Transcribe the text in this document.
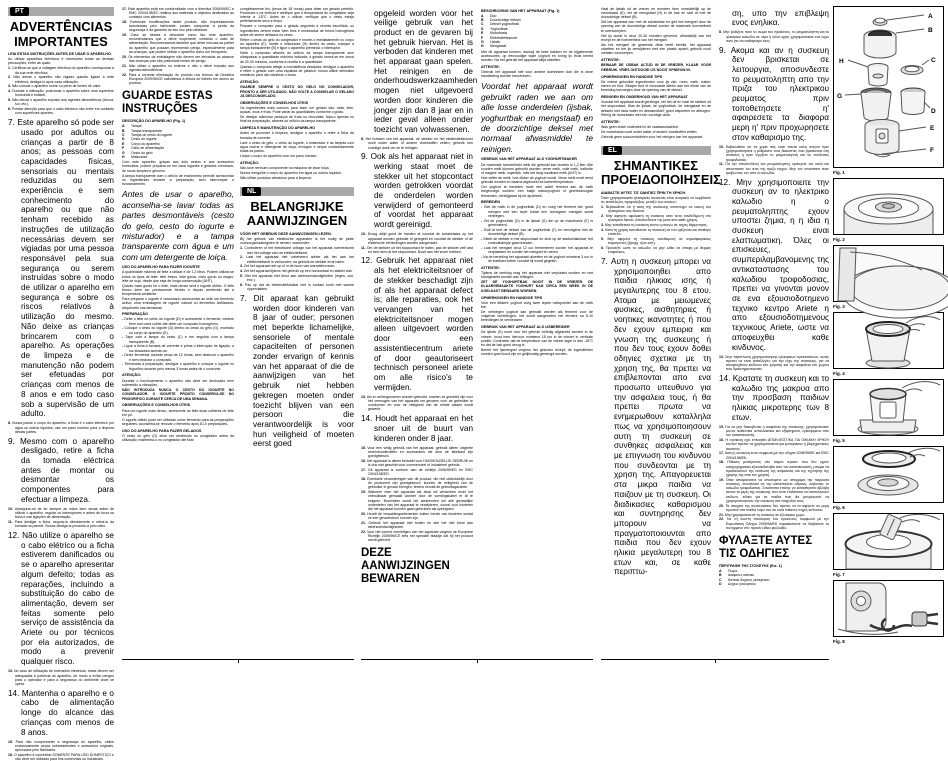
PT
ADVERTÊNCIAS IMPORTANTES
LEIA ESTAS INSTRUÇÕES ANTES DE USAR O APARELHO.
Ao utilizar aparelhos eléctricos é necessário tomar as devidas precauções, entre as quais:
1. Certificar-se que a voltagem eléctrica do aparelho corresponda à da sua rede eléctrica.
2. Não deixar o aparelho não vigiado quando ligado à rede eléctrica; desligá-lo após cada utilização.
3. Não colocar o aparelho sobre ou perto de fontes de calor.
4. Durante a utilização, posicionar o aparelho sobre uma superfície horizontal e estável.
5. Não deixar o aparelho exposto aos agentes atmosféricos (chuva, sol, etc.).
6. Prestar atenção para que o cabo eléctrico não entre em contacto com superfícies quentes.
7. Este aparelho só pode ser usado por adultos ou crianças a partir de 8 anos; as pessoas com capacidades físicas, sensoriais ou mentais reduzidas ou sem experiência e sem conhecimento do aparelho ou que não tenham recebido as instruções de utilização necessárias devem ser vigiadas por uma pessoa responsável pela sua segurança ou serem instruídas sobre o modo de utilizar o aparelho em segurança e sobre os riscos relativos à utilização do mesmo. Não deixe as crianças brincarem com o aparelho. As operações de limpeza e de manutenção não podem ser efetuadas por crianças com menos de 8 anos e em todo caso sob a supervisão de um adulto.
8. Nunca passe o corpo do aparelho, a ficha e o cabo eléctrico por água ou outros líquidos; use um pano húmido para a limpeza destas partes.
9. Mesmo com o aparelho desligado, retire a ficha da tomada eléctrica antes de montar ou desmontar os componentes para efectuar a limpeza.
10. Assegurar-se de ter sempre as mãos bem secas antes de utilizar o aparelho, regular os interruptores e antes de tocar na ficha e nas ligações de alimentação.
11. Para desligar a ficha, segurá-la directamente e retirá-la da tomada na parede. Nunca desligá-la puxando-a pelo cabo.
12. Não utilize o aparelho se o cabo elétrico ou a ficha estiverem danificados ou se o aparelho apresentar algum defeito; todas as reparações, incluindo a substituição do cabo de alimentação, devem ser feitas somente pelo serviço de assistência da Ariete ou por técnicos por ela autorizados, de modo a prevenir qualquer risco.
13. No caso de utilização de extensões eléctricas, estas devem ser adequadas à potência do aparelho, de modo a evitar perigos para o operador e para a segurança do ambiente onde se opera.
14. Mantenha o aparelho e o cabo de alimentação longe do alcance das crianças com menos de 8 anos.
15. Para não comprometer a segurança do aparelho, utilize exclusivamente peças sobresselentes e acessórios originais, aprovados pelo fabricante.
16. O aparelho é concebido SOMENTE PARA USO DOMÉSTICO e não deve ser utilizado para fins comerciais ou industriais.
17. Este aparelho está em conformidade com a directiva 2006/95/EC e EMC 2004/108/EC relativa aos materiais e objectos destinados ao contacto com alimentos.
18. Eventuais modificações deste produto, não expressamente autorizadas pelo fabricante, podem comportar a perda da segurança e da garantia do seu uso pelo utilizador.
19. Caso se decida a descartar como lixo este aparelho, recomendamos que o deixe inoperante, cortando o cabo de alimentação. Recomendamos também que deixe inócuas as partes do aparelho que possam representar perigo, especialmente para as crianças, que podem utilizar o aparelho como um brinquedo.
20. Os elementos da embalagem não devem ser deixados ao alcance das crianças pois são potenciais fontes de perigo.
21. Não utilize o aparelho no exterior e não o deixe exposto aos agentes atmosféricos.
22. Para a correcta eliminação do produto nos termos da Directiva Europeia 2009/96/CE solicitamos a leitura do folheto em anexo ao produto.
GUARDE ESTAS INSTRUÇÕES
DESCRIÇÃO DO APARELHO (Fig. 1)
A	Tampa
B	Tampa transparente
C	Tampa do cesto do iogurte
D	Cesto do iogurte
E	Corpo do aparelho
F	Cabo de alimentação
G	Cesto do gelo
H	Misturador
Com este aparelho, graças aos dois cestos e aos acessórios fornecidos, podem preparar-se em casa iogurtes e gelados cremosos, de modo simples e genuíno.
A tampa transparente com o orifício de enchimento permite acrescentar os ingredientes durante a preparação, sem interromper o funcionamento.
Antes de usar o aparelho, aconselha-se lavar todas as partes desmontáveis (cesto do gelo, cesto do iogurte e misturador) e a tampa transparente com água e um com um detergente de loiça.
USO DO APARELHO PARA FAZER IOGURTE
A quantidade máxima de leite a utilizar é de 1,2 litros. Podem utilizar-se todos os tipos de leite: leite fresco, leite gordo, meio gordo ou magro, leite de soja, desde que seja de longa conservação (UHT).
Quanto mais gordo for o leite, mais denso será o iogurte obtido. O leite fresco deve ser previamente fervido e depois arrefecido até à temperatura ambiente.
Para preparar o iogurte é necessário acrescentar ao leite um fermento activo: uma embalagem de iogurte natural ou fermentos liofilizados, adquiríveis nas farmácias.
PREPARAÇÃO
- Deite o leite no cesto do iogurte (D) e acrescente o fermento; misture bem com uma colher até obter um composto homogéneo.
- Coloque o cesto do iogurte (D) dentro do cesto do gelo (G), montado no corpo do aparelho (E).
- Tape com a tampa do cesto (C) e em seguida com a tampa transparente (B).
- Ligue a ficha à tomada de corrente e prima o interruptor de ligação; a luz avisadora acende-se.
- Deixe fermentar durante cerca de 12 horas, sem deslocar o aparelho e sem misturar o composto.
- Terminada a preparação, desligue o aparelho e coloque o iogurte no frigorífico durante pelo menos 3 horas antes de o consumir.
ATENÇÃO:
Durante o funcionamento o aparelho não deve ser deslocado nem submetido a vibrações.
NÃO INTRODUZA NUNCA O CESTO DO IOGURTE NO CONGELADOR. O IOGURTE PRONTO CONSERVA-SE NO FRIGORÍFICO DURANTE CERCA DE UMA SEMANA.
OBSERVAÇÕES E CONSELHOS ÚTEIS
Para um iogurte mais denso, acrescente ao leite duas colheres de leite em pó.
O iogurte obtido pode ser utilizado como fermento para as preparações seguintes; aconselha-se renovar o fermento após 8-10 preparações.
USO DO APARELHO PARA FAZER GELADOS
O cesto do gelo (G) deve ser arrefecido no congelador antes da utilização; mantenha-o no congelador até ficar
completamente frio (cerca de 18 horas) para obter um gelado perfeito. Posicione-o na vertical e verifique que a temperatura do congelador seja inferior a -18°C. Antes de o utilizar, verifique que o cesto esteja perfeitamente seco e limpo.
Prepare o composto para o gelado seguindo a receita escolhida; os ingredientes devem estar bem frios e misturados de forma homogénea antes de serem deitados no cesto.
Retire o cesto do gelo do congelador e monte-o imediatamente no corpo do aparelho (E); monte o misturador (H) dentro do cesto, coloque a tampa transparente (B) e ligue o aparelho premindo o interruptor.
Deite o composto através do orifício da tampa transparente sem ultrapassar a quantidade máxima indicada; o gelado forma-se em cerca de 20-30 minutos, conforme a receita e a quantidade.
Quando o composto atingir a consistência desejada, desligue o aparelho e retire o gelado com uma espátula de plástico; nunca utilize utensílios metálicos para não danificar o cesto.
ATENÇÃO:
GUARDE SEMPRE O CESTO DO GELO NO CONGELADOR, PRONTO A SER UTILIZADO. NÃO VOLTE A CONGELAR O GELADO JÁ DESCONGELADO.
OBSERVAÇÕES E CONSELHOS ÚTEIS
Os ingredientes mais comuns para fazer um gelado são: nata, leite, açúcar, ovos e fruta. Pode variar as quantidades conforme o gosto.
Se desejar adicionar pedaços de fruta ou chocolate, faça-o apenas no final da preparação, através do orifício da tampa transparente.
LIMPEZA E MANUTENÇÃO DO APARELHO
Antes de proceder à limpeza, desligue o aparelho e retire a ficha da tomada de corrente.
Lave o cesto do gelo, o cesto do iogurte, o misturador e as tampas com água morna e detergente de loiça; enxagúe e seque cuidadosamente todas as partes.
Limpe o corpo do aparelho com um pano húmido.
ATENÇÃO:
Não lave nenhum componente na máquina de lavar loiça.
Nunca mergulhe o corpo do aparelho em água ou outros líquidos.
Não utilize produtos abrasivos para a limpeza.
NL
BELANGRIJKE AANWIJZINGEN
VÓÓR HET GEBRUIK DEZE AANWIJZINGEN LEZEN.
Bij het gebruik van elektrische apparaten is het nodig de juiste voorzorgsmaatregelen te nemen, waaronder:
1. Controleren of het elektrische voltage van het apparaat overeenkomt aan het voltage van uw elektriciteitsnet.
2. Laat het apparaat niet onbeheerd achter als het aan het elektriciteitsnet is verbonden; na gebruik de stekker eruit halen.
3. Zet het apparaat niet op of in de buurt van warmtebronnen.
4. Zet het apparaat tijdens het gebruik op een horizontaal en stabiel vlak.
5. Stel het apparaat niet bloot aan weersomstandigheden (regen, zon, enz.).
6. Pas op dat de elektriciteitskabel niet in contact komt met warme oppervlaktes.
7. Dit aparaat kan gebruikt worden door kinderen van 8 jaar of ouder; personen met beperkte lichamelijke, sensoriele of mentale capaciteiten of personen zonder ervarign of kennis van het apparaat of die de aanwijzigen van het gebruik niet hebben gekregen moeten onder toezicht blijven van een persoon die verantwoordelijk is voor hun veiligheid of moeten eerst goed
opgeleid worden voor het veilige gebruik van het product en de gevaren bij het gebruik hiervan. Het is verboden dat kinderen met het apparaat gaan spelen. Het reinigen en de onderhoudswerkzaamheden mogen niet uitgevoerd worden door kinderen die jonger zijn dan 8 jaar en in ieder geval alleen onder toezicht van volwassenen.
8. Het lichaam van het apparaat, de stekker en het elektriciteitssnoer nooit onder water of andere vloeistoffen zetten; gebruik een vochtige doek om ze te reinigen.
9. Ook als het apparaat niet in werking staat moet de stekker uit het stopcontact worden getrokken voordat de onderdelen worden verwijderd of gemonteerd of voordat het apparaat wordt gereinigd.
10. Droog altijd goed de handen af voordat de schakelaars op het apparaat worden gebruikt of geregeld en voordat de stekker of de elektrische verbindingen worden aangeraakt.
11. Om de stekker uit het stopcontact te halen, pak de stekker zelf vast en trek hem uit het stopcontact. Nooit aan het snoer trekken.
12. Gebruik het apparaat niet als het elektriciteitsnoer of de stekker beschadigt zijn of als het apparaat defect is; alle reparaties, ook het vervangen van het elektriciteitsnoer mogen alleen uitgevoert worden door een assistentiecentrum ariete of door geautoriseert technisch personeel ariete om alle risico's te vermijden.
13. Als er verlengsnoeren worden gebruikt, moeten ze geschikt zijn voor het vermogen van het apparaat om gevaren voor de gebruiker te voorkomen en voor de veiligheid van de ruimte waarin wordt gewerkt.
14. Houdt het apparaat en het snoer uit de buurt van kinderen onder 8 jaar.
15. Voor een veilig gebruik van het apparaat, gebruik alleen originele reserveonderdelen en accessoires die door de fabrikant zijn goedgekeurd.
16. Het apparaat is alleen bedoeld voor HUISHOUDELIJK GEBRUIK en is dus niet geschikt voor commercieel of industrieel gebruik.
17. Dit apparaat is conform aan de richtlijn 2006/95/EG en EMC 2004/108/EG.
18. Eventuele veranderingen van dit product, die niet uitdrukkelijk door de producent zijn goedgekeurd, kunnen de veiligheid van de gebruiker in gevaar brengen, tevens vervalt de gebruiksgarantie.
19. Wanneer men het apparaat als afval wil verwerken moet het onbruikbaar gemaakt worden door de voedingskabel er af te knippen. Bovendien wordt het aanbevolen om alle gevaarlijke onderdelen van het apparaat te verwijderen, vooral voor kinderen die het apparaat kunnen gaan gebruiken als speelgoed.
20. Houdt de verpakkingselementen buiten bereik van kinderen omdat ze een gevarenbron kunnen zijn.
21. Gebruik het apparaat niet buiten en stel het niet bloot aan weersomstandigheden.
22. Voor het correct vernietigen van het apparaat volgens de Europese Richtlijn 2009/96/CE lees het speciale blaadje dat bij het product wordt gelevert.
DEZE AANWIJZINGEN BEWAREN
BESCHRIJVING VAN HET APPARAAT (Fig. 1)
A	Dop
B	Doorzichtige deksel
C	Deksel yoghurtbak
D	Yoghurtbak
E	Motorbasis
F	Elektriciteitssnoer
G	IJsbak
H	Mengstaaf
Met dit apparaat kunnen, dankzij de twee bakken en de bijgeleverde accessoires, op eenvoudige wijze yoghurt en romig ijs thuis bereid worden. Na het gebruik het apparaat altijd uitzetten.
ATTENTIE:
Gebruik het apparaat niet voor andere doeleinden dan die in deze handleiding worden beschreven.
Voordat het apparaat wordt gebruikt raden we aan om alle losse onderdelen (ijsbak, yoghurtbak en mengstaaf) en de doorzichtige deksel met normaal afwasmiddel te reinigen.
GEBRUIK VAN HET APPARAAT ALS YOGHURTMAKER
De maximale hoeveelheid melk die gebruikt kan worden is 1,2 liter. Alle soorten melk kunnen gebruikt worden: verse melk, volle melk, halfvolle of magere melk, sojamelk, mits het lang houdbare melk (UHT) is.
Hoe vetter de melk, hoe dikker de yoghurt wordt. Verse melk moet eerst gekookt worden en daarna afgekoeld tot kamertemperatuur.
Om yoghurt te bereiden moet een actief ferment aan de melk toegevoegd worden: een bakje natuuryoghurt of gevriesdroogde fermenten, verkrijgbaar bij de apotheek.
BEREIDEN
- Giet de melk in de yoghurtbak (D) en voeg het ferment toe; goed mengen met een lepel totdat een homogeen mengsel wordt verkregen.
- Zet de yoghurtbak (D) in de ijsbak (G) die op de motorbasis (E) is gemonteerd.
- Sluit af met de deksel van de yoghurtbak (C) en vervolgens met de doorzichtige deksel (B).
- Steek de stekker in het stopcontact en druk op de startschakelaar; het controlelampje gaat branden.
- Laat het mengsel circa 12 uur fermenteren zonder het apparaat te verplaatsen en zonder het mengsel te roeren.
- Na de bereiding het apparaat uitzetten en de yoghurt minstens 3 uur in de koelkast zetten voordat hij wordt gegeten.
ATTENTIE:
Tijdens de werking mag het apparaat niet verplaatst worden en niet blootgesteld worden aan trillingen.
ZET DE YOGHURTBAK NOOIT IN DE VRIEZER. DE KLAARGEMAAKTE YOGHURT KAN CIRCA EEN WEEK IN DE KOELKAST BEWAARD WORDEN.
OPMERKINGEN EN HANDIGE TIPS
Voor een dikkere yoghurt voeg twee lepels melkpoeder aan de melk toe.
De verkregen yoghurt kan gebruikt worden als ferment voor de volgende bereidingen; het wordt aangeraden het ferment na 8-10 bereidingen te vernieuwen.
GEBRUIK VAN HET APPARAAT ALS IJSBEREIDER
De ijsbak (G) moet voor het gebruik volledig afgekoeld worden in de vriezer; houd hem hiervoor minstens 18 uur in de vriezer in verticale positie. Controleer dat de temperatuur van de vriezer lager is dan -18°C en dat de bak goed droog is.
Bereid het ijsmengsel volgens het gekozen recept; de ingrediënten moeten goed koud zijn en gelijkmatig gemengd worden.
Haal de ijsbak uit de vriezer en monteer hem onmiddellijk op de motorbasis (E); zet de mengstaaf (H) in de bak en sluit af met de doorzichtige deksel (B).
Zet het apparaat aan met de schakelaar en giet het mengsel door de opening van de doorzichtige deksel zonder de maximale hoeveelheid te overschrijden.
Het ijs wordt in circa 20-30 minuten gevormd, afhankelijk van het recept en de hoeveelheid van het mengsel.
Als het mengsel de gewenste dikte heeft bereikt, het apparaat uitzetten en het ijs verwijderen met een plastic spatel; gebruik nooit metalen voorwerpen.
ATTENTIE:
BEWAAR DE IJSBAK ALTIJD IN DE VRIEZER, KLAAR VOOR GEBRUIK. VRIES ONTDOOID IJS NOOIT OPNIEUW IN.
OPMERKINGEN EN HANDIGE TIPS
De meest gebruikte ingredienten voor ijs zijn: room, melk, suiker, eieren en fruit. Stukjes fruit of chocolade alleen aan het einde van de bereiding toevoegen door de opening van de deksel.
REINIGEN EN ONDERHOUD VAN HET APPARAAT
Voordat het apparaat wordt gereinigd, zet het uit en haal de stekker uit het stopcontact. Was de ijsbak, de yoghurtbak, de mengstaaf en de deksels met lauw water en afwasmiddel; goed afspoelen en afdrogen. Reinig de motorbasis met een vochtige doek.
ATTENTIE:
Was geen enkel onderdeel in de vaatwasmachine.
De motorbasis nooit onder water of andere vloeistoffen zetten.
Gebruik geen schuurmiddelen voor het reinigen van het apparaat.
EL
ΣΗΜΑΝΤΙΚΕΣ ΠΡΟΕΙΔΟΠΟΙΗΣΕΙΣ
ΔΙΑΒΑΣΤΕ ΑΥΤΕΣ ΤΙΣ ΟΔΗΓΙΕΣ ΠΡΙΝ ΤΗ ΧΡΗΣΗ.
Όταν χρησιμοποιείτε ηλεκτρικές συσκευές είναι αναγκαίο να λαμβάνετε τις κατάλληλες προφυλάξεις, μεταξύ των οποίων:
1. Βεβαιωθειτε οτι η ταση της συσκευης αντιστοιχει σε εκεινη του ηλεκτρικου σας δικτυου.
2. Μην αφηνετε αφυλακτη τη συσκευη οταν ειναι συνδεδεμενη στο ηλεκτρικο δικτυο. Αποσυνδεστε την μετα απο καθε χρηση.
3. Μην τοποθετειτε τη συσκευη κοντα η επανω σε πηγες θερμοτητας.
4. Κατα τη χρηση τοποθετειτε τη συσκευη σε ενα οριζοντιο και σταθερο επιπεδο.
5. Μην αφηνετε τη συσκευη εκτεθειμενη σε ατμοσφαιρικους παραγοντες (βροχη, ηλιο κλπ).
6. Προσεξτε ωστε το καλωδιο να μην ελθει σε επαφη με θερμες επιφανειες.
7. Αυτη η συσκευη μπορει να χρησιμοποιηθει απο παιδια ηλικιας ισης ή μεγαλυτερης του 8 ετου. Ατομα με μειωμενες φυσικες, αισθητηριες ή νοητικες ικανοτητες ή που δεν εχουν εμπειρια και γνωση της συσκευης ή που δεν τους εχουν δοθει οδηγιες σχετικα με τη χρηση της, θα πρεπει να επιβλεπονται απο ενα προσωπο υπευθυνο για την ασφαλεια τους, ή θα πρεπει πρωτα να ενημερωθουν καταλληλα πως να χρησιμοποιησουν αυτη τη συσκευη σε συνθηκες ασφαλειας και με επιγνωση του κινδυνου που συνδεονται με τη χρηση της. Απαγορευεται στα μικρα παιδια να παιζουν με τη συσκευη. Οι διαδικασιες καθαρισμου και συντηρησης δεν μπορουν να πραγματοποιουνται απο παιδια που δεν εχουν ηλικια μεγαλυτερη του 8 ετων και, σε καθε περιπτω-
ση, υπο την επιβλεψη ενος ενηλικα.
8. Μην βυθιζετε ποτε το σωμα του προϊοντος, το ρευματοληπτη και το ηλεκτρικο καλωδιο σε νερο η αλλα υγρα, χρησιμοποιειτε ενα υγρο πανι για τον καθαρισμο τους.
9. Ακομα και αν η συσκευη δεν βρισκεται σε λειτουργια, αποσυνδεστε το ρευματοληπτη απο την πριζα του ηλεκτρικου ρευματος πριν τοποθετησετε η' αφαιρεσετε τα διαφορα μερη η' πριν προχωρησετε στον καθαρισμο της.
10. Βεβαιωθειτε οτι τα χερια σας ειναι παντα καλα στεγνα πριν χρησιμοποιησετε η ρυθμισετε τους διακοπτες που βρισκονται στη συσκευη η πριν αγγιξετε το ρευματοληπτη και τις συνδεσεις τροφοδοσιας.
11. Για την αποσυνδεση του ρευματοληπτη, κρατηστε τον καλα και αποσπαστε τον απο την πριζα τοιχου. Μην τον αποσπατε ποτε τραβωντας τον απο το καλωδιο.
12. Μην χρησιμοποιειτε την συσκευη αν το ηλεκτρικο καλωδιο η ο ρευματοληπτης εχουν υποστει ζημια, η η ιδια η συσκευη ειναι ελαττωματικη. Όλες οι επισκευες, συμπεριλαμβανομενης της αντικαταστασης του καλωδιου τροφοδοσιας, πρεπει να γινονται μονον σε ενα εξουσιοδοτημενο τεχνικο κεντρο Ariete η απο εξουσιοδοτημενους τεχνικους Ariete, ωστε να αποφευχθει καθε κινδυνος.
13. Στην περιπτωση χρησιμοποιησης ηλεκτρικων προεκτασεων, αυτες πρεπει να ειναι καταλληλες για την ισχυ της συσκευης, για να αποφευχθουν κινδυνοι στο χειριστη και την ασφαλεια του χωρου που δραστηριοποιειστε.
14. Κρατατε τη συσκευη και το καλωδιο της μακρυα απο την προσβαση παιδιων ηλικιας μικροτερης των 8 ετων.
15. Για να μην διακυβευτει η ασφαλεια της συσκευης, χρησιμοποιειτε μονον αυθεντικα ανταλλακτικα και εξαρτηματα, εγκεκριμενα απο τον κατασκευαστη.
16. Η συσκευη εχει επινοηθει ΑΠΟΚΛΕΙΣΤΙΚΑ ΓΙΑ ΟΙΚΙΑΚΗ ΧΡΗΣΗ και δεν πρεπει να χρησιμοποιειται για εμπορικους η βιομηχανικους σκοπους.
17. Αυτη η συσκευη ειναι συμφωνη με την οδηγια 2006/95/ΕΚ και ΕΜC 2004/108/ΕΚ.
18. Πιθανες μετατροπες στο παρον προιον που δεν εχουν κατηγορηματικα εξουσιοδοτηθει απο τον κατασκευαστη, μπορει να προκαλεσουν την εκπτωση της ασφαλειας και της εγγυησης της χρησης της απο τον χρηστη.
19. Οταν αποφασισετε να αποσυρετε ως απορριμα την παρουσα συσκευη, συνιστaται να την καταστησετε αδρανη, κοβοντας το καλωδιο τροφοδοσιας. Συνισταται επισης να καταστησετε αβλαβη εκεινα τα μερη της συσκευης που ειναι επιδεκτικα να αποτελεσουν κινδυνο, ειδικα για τα παιδια που θα μπορουσαν να χρησιμοποιησουν την συσκευη στα παιχνιδια τους.
20. Τα στοιχεια της συσκευασιας δεν πρεπει να τα αφηνετε σε μερη προσιτα στα παιδια λογω του οτι ειναι πιθανες πηγες κινδυνου.
21. Μην χρησιμοποιειτε τη συσκευη σε εξωτερικο χωρο.
22. Για τη σωστη αποσυρση του προιοντος συμφωνα με την Ευρωπαικη Οδηγια 2009/96/ΕΚ παρακαλειστε να διαβασετε το συνημμενο στο προιον ειδικο φυλλαδιο.
ΦΥΛΑΞΤΕ ΑΥΤΕΣ ΤΙΣ ΟΔΗΓΙΕΣ
ΠΕΡΙΓΡΑΦΗ ΤΗΣ ΣΥΣΚΕΥΗΣ (Εικ. 1)
A	Πωμα
B	Διαφανες καπακι
C	Καπακι δοχειου γιαουρτιου
D	Δοχειο γιαουρτιου
A
B
H	C
G
D
E
F
Fig. 1
Fig. 2
Fig. 3
Fig. 4
Fig. 5
Fig. 6
Fig. 7
Fig. 8
